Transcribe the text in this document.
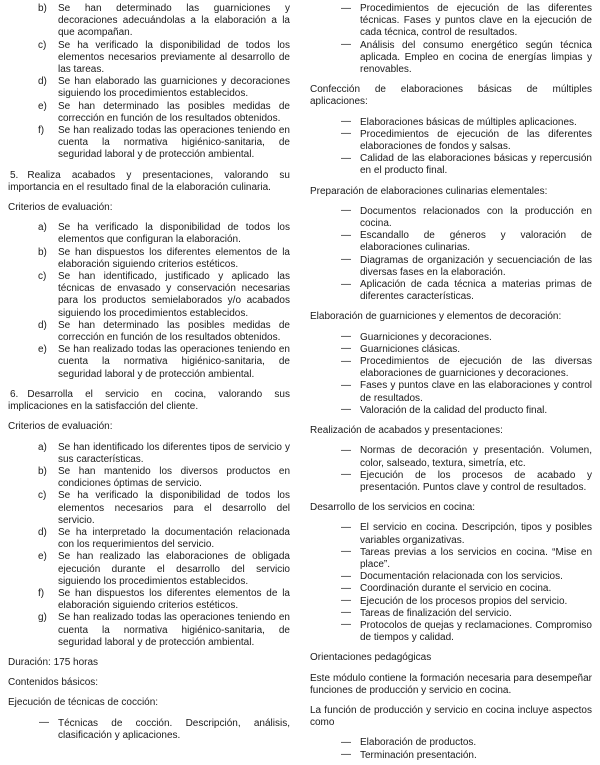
b) Se han determinado las guarniciones y decoraciones adecuándolas a la elaboración a la que acompañan.
c) Se ha verificado la disponibilidad de todos los elementos necesarios previamente al desarrollo de las tareas.
d) Se han elaborado las guarniciones y decoraciones siguiendo los procedimientos establecidos.
e) Se han determinado las posibles medidas de corrección en función de los resultados obtenidos.
f) Se han realizado todas las operaciones teniendo en cuenta la normativa higiénico-sanitaria, de seguridad laboral y de protección ambiental.
5. Realiza acabados y presentaciones, valorando su importancia en el resultado final de la elaboración culinaria.
Criterios de evaluación:
a) Se ha verificado la disponibilidad de todos los elementos que configuran la elaboración.
b) Se han dispuestos los diferentes elementos de la elaboración siguiendo criterios estéticos.
c) Se han identificado, justificado y aplicado las técnicas de envasado y conservación necesarias para los productos semielaborados y/o acabados siguiendo los procedimientos establecidos.
d) Se han determinado las posibles medidas de corrección en función de los resultados obtenidos.
e) Se han realizado todas las operaciones teniendo en cuenta la normativa higiénico-sanitaria, de seguridad laboral y de protección ambiental.
6. Desarrolla el servicio en cocina, valorando sus implicaciones en la satisfacción del cliente.
Criterios de evaluación:
a) Se han identificado los diferentes tipos de servicio y sus características.
b) Se han mantenido los diversos productos en condiciones óptimas de servicio.
c) Se ha verificado la disponibilidad de todos los elementos necesarios para el desarrollo del servicio.
d) Se ha interpretado la documentación relacionada con los requerimientos del servicio.
e) Se han realizado las elaboraciones de obligada ejecución durante el desarrollo del servicio siguiendo los procedimientos establecidos.
f) Se han dispuestos los diferentes elementos de la elaboración siguiendo criterios estéticos.
g) Se han realizado todas las operaciones teniendo en cuenta la normativa higiénico-sanitaria, de seguridad laboral y de protección ambiental.
Duración: 175 horas
Contenidos básicos:
Ejecución de técnicas de cocción:
— Técnicas de cocción. Descripción, análisis, clasificación y aplicaciones.
— Procedimientos de ejecución de las diferentes técnicas. Fases y puntos clave en la ejecución de cada técnica, control de resultados.
— Análisis del consumo energético según técnica aplicada. Empleo en cocina de energías limpias y renovables.
Confección de elaboraciones básicas de múltiples aplicaciones:
— Elaboraciones básicas de múltiples aplicaciones.
— Procedimientos de ejecución de las diferentes elaboraciones de fondos y salsas.
— Calidad de las elaboraciones básicas y repercusión en el producto final.
Preparación de elaboraciones culinarias elementales:
— Documentos relacionados con la producción en cocina.
— Escandallo de géneros y valoración de elaboraciones culinarias.
— Diagramas de organización y secuenciación de las diversas fases en la elaboración.
— Aplicación de cada técnica a materias primas de diferentes características.
Elaboración de guarniciones y elementos de decoración:
— Guarniciones y decoraciones.
— Guarniciones clásicas.
— Procedimientos de ejecución de las diversas elaboraciones de guarniciones y decoraciones.
— Fases y puntos clave en las elaboraciones y control de resultados.
— Valoración de la calidad del producto final.
Realización de acabados y presentaciones:
— Normas de decoración y presentación. Volumen, color, salseado, textura, simetría, etc.
— Ejecución de los procesos de acabado y presentación. Puntos clave y control de resultados.
Desarrollo de los servicios en cocina:
— El servicio en cocina. Descripción, tipos y posibles variables organizativas.
— Tareas previas a los servicios en cocina. “Mise en place”.
— Documentación relacionada con los servicios.
— Coordinación durante el servicio en cocina.
— Ejecución de los procesos propios del servicio.
— Tareas de finalización del servicio.
— Protocolos de quejas y reclamaciones. Compromiso de tiempos y calidad.
Orientaciones pedagógicas
Este módulo contiene la formación necesaria para desempeñar funciones de producción y servicio en cocina.
La función de producción y servicio en cocina incluye aspectos como
— Elaboración de productos.
— Terminación presentación.
